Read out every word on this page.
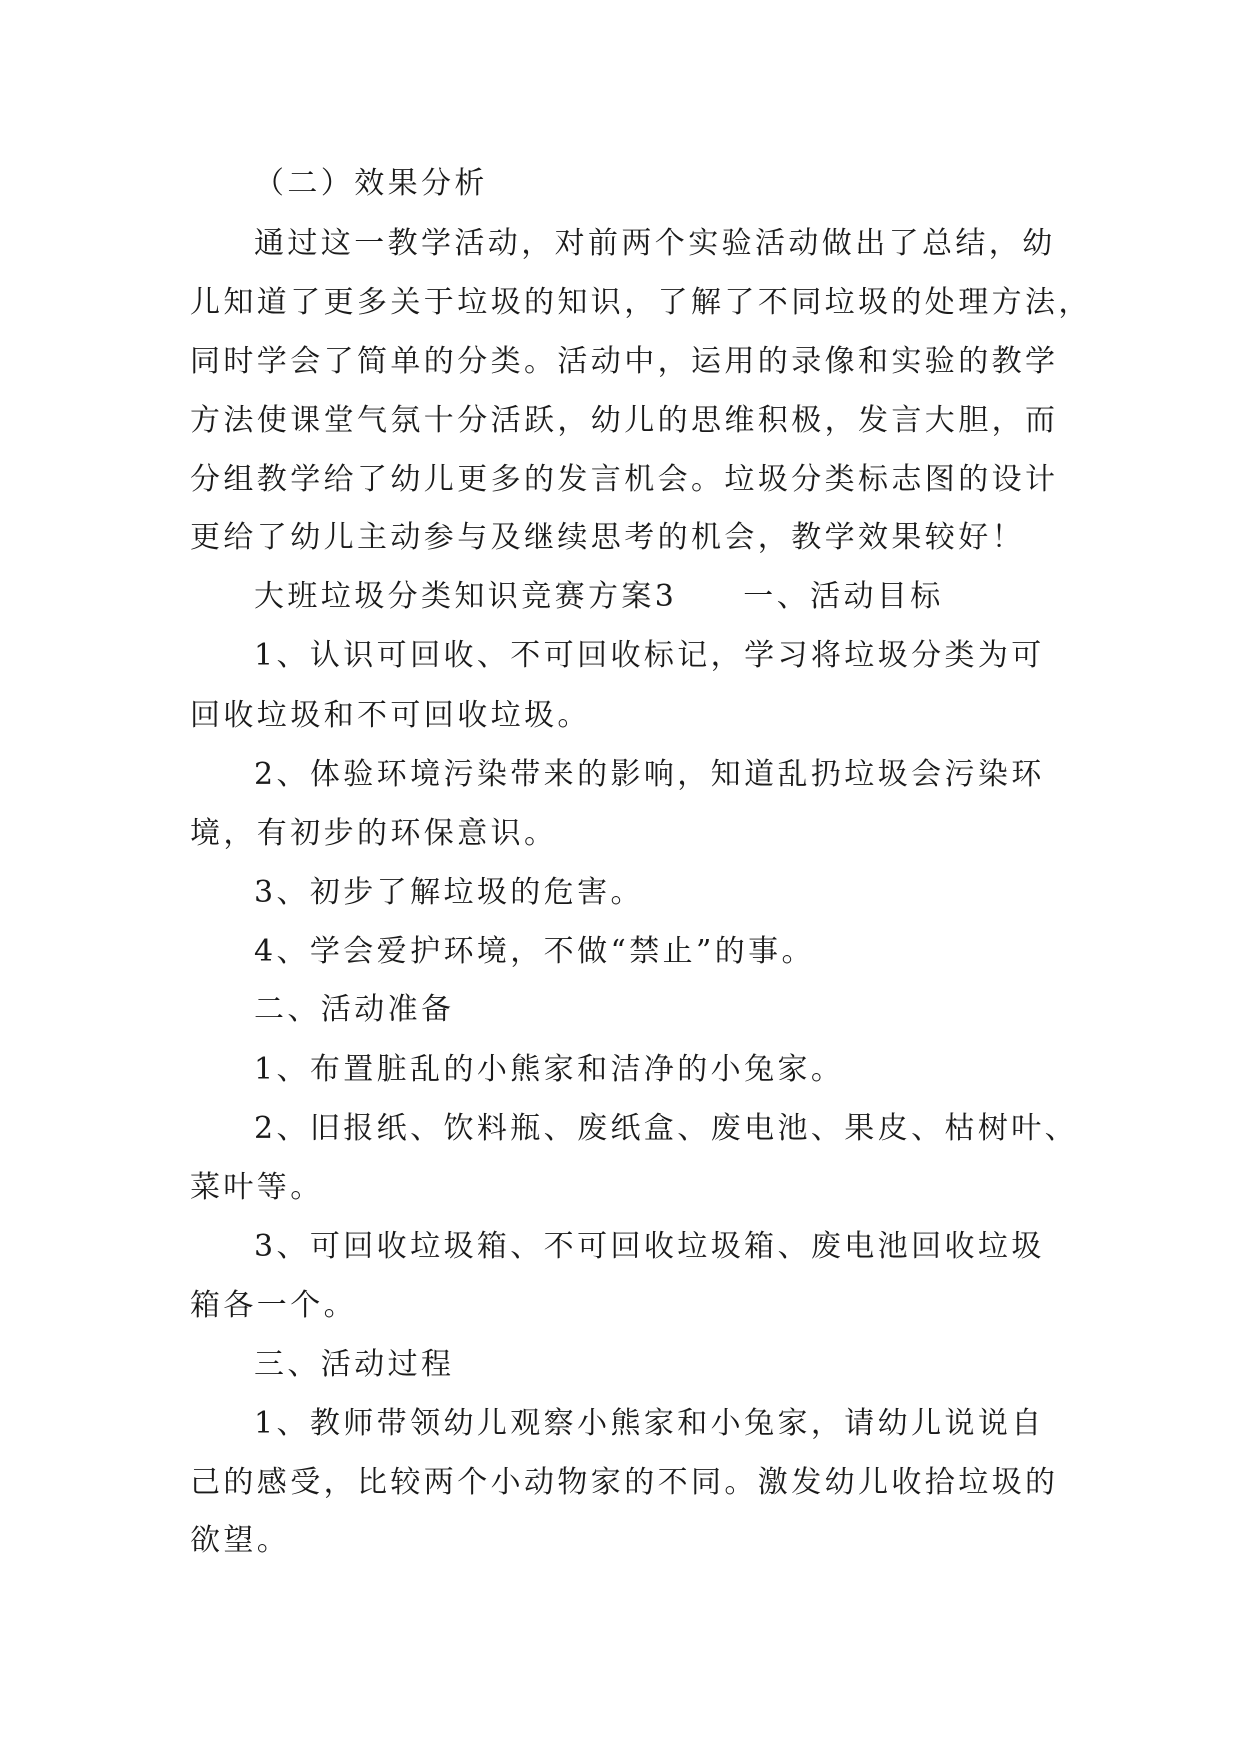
（二）效果分析

通过这一教学活动，对前两个实验活动做出了总结，幼

儿知道了更多关于垃圾的知识，了解了不同垃圾的处理方法，

同时学会了简单的分类。活动中，运用的录像和实验的教学

方法使课堂气氛十分活跃，幼儿的思维积极，发言大胆，而

分组教学给了幼儿更多的发言机会。垃圾分类标志图的设计

更给了幼儿主动参与及继续思考的机会，教学效果较好！

大班垃圾分类知识竞赛方案3 一、活动目标

1、认识可回收、不可回收标记，学习将垃圾分类为可

回收垃圾和不可回收垃圾。

2、体验环境污染带来的影响，知道乱扔垃圾会污染环

境，有初步的环保意识。

3、初步了解垃圾的危害。

4、学会爱护环境，不做“禁止”的事。

二、活动准备

1、布置脏乱的小熊家和洁净的小兔家。

2、旧报纸、饮料瓶、废纸盒、废电池、果皮、枯树叶、

菜叶等。

3、可回收垃圾箱、不可回收垃圾箱、废电池回收垃圾

箱各一个。

三、活动过程

1、教师带领幼儿观察小熊家和小兔家，请幼儿说说自

己的感受，比较两个小动物家的不同。激发幼儿收拾垃圾的

欲望。
